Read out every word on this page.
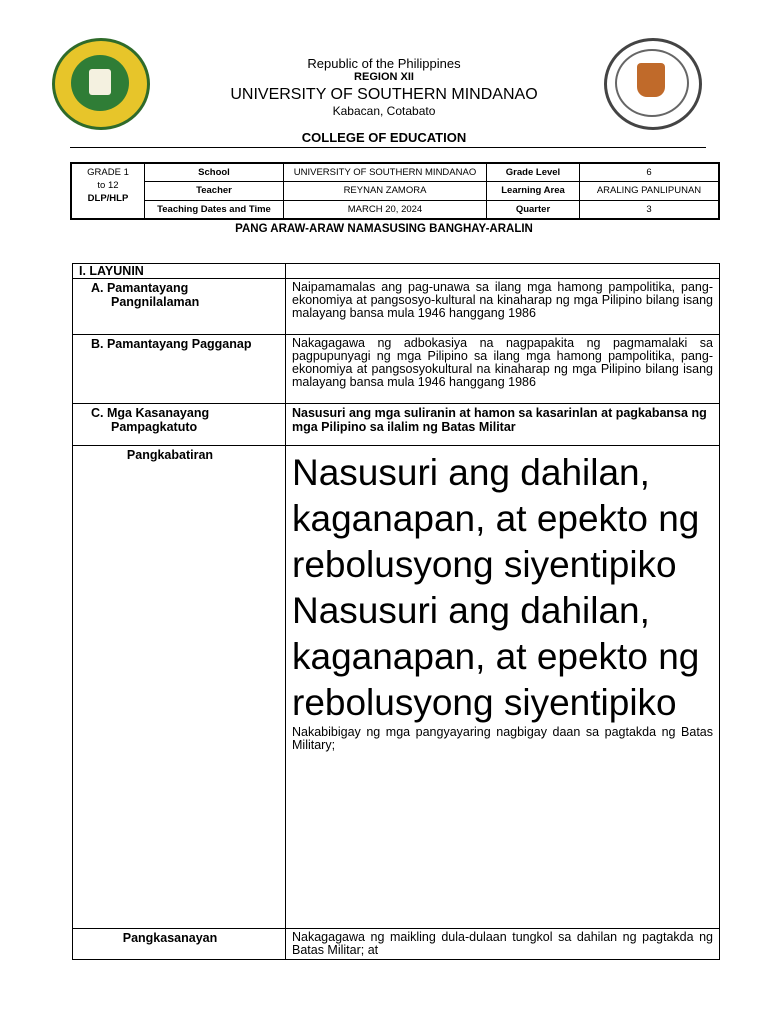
Republic of the Philippines
REGION XII
UNIVERSITY OF SOUTHERN MINDANAO
Kabacan, Cotabato
COLLEGE OF EDUCATION
GRADE 1
to 12
DLP/HLP	School	UNIVERSITY OF SOUTHERN MINDANAO	Grade Level	6
	Teacher	REYNAN ZAMORA	Learning Area	ARALING PANLIPUNAN
	Teaching Dates and Time	MARCH 20, 2024	Quarter	3
PANG ARAW-ARAW NAMASUSING BANGHAY-ARALIN
I. LAYUNIN	

A. Pamantayang
Pangnilalaman	Naipamamalas ang pag-unawa sa ilang mga hamong pampolitika, pang-ekonomiya at pangsosyo-kultural na kinaharap ng mga Pilipino bilang isang malayang bansa mula 1946 hanggang 1986

B. Pamantayang Pagganap	Nakagagawa ng adbokasiya na nagpapakita ng pagmamalaki sa pagpupunyagi ng mga Pilipino sa ilang mga hamong pampolitika, pang-ekonomiya at pangsosyokultural na kinaharap ng mga Pilipino bilang isang malayang bansa mula 1946 hanggang 1986

C. Mga Kasanayang
Pampagkatuto	Nasusuri ang mga suliranin at hamon sa kasarinlan at pagkabansa ng mga Pilipino sa ilalim ng Batas Militar

Pangkabatiran	Nasusuri ang dahilan, kaganapan, at epekto ng rebolusyong siyentipiko
Nasusuri ang dahilan, kaganapan, at epekto ng rebolusyong siyentipiko
Nakabibigay ng mga pangyayaring nagbigay daan sa pagtakda ng Batas Military;

Pangkasanayan	Nakagagawa ng maikling dula-dulaan tungkol sa dahilan ng pagtakda ng Batas Militar; at
